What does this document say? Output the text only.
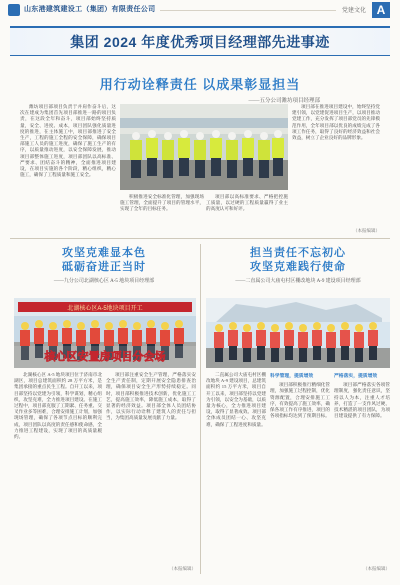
山东港建筑建设工（集团）有限责任公司	党建文化 A
集团 2024 年度优秀项目经理部先进事迹
用行动诠释责任 以成果彰显担当
——五分公司潍坊项目经理部

潍坊项目部项目负责于并肩作奋斗后，这次在建成为集团首先项目部推进一路的项目负责，在这段全年和奋斗，项目部始终坚持质量，安全、进度、成本，项目团队强化质量进度的推进，在主体施工中，项目部推进了安全生产，工程的施工全程的安全保障，确保项目部施工人员的施工进度，确保了施工生产的有序，以质量推动进度，以安全保障发展，推动项目部整体施工进度，项目部团队以高标准、严要求、团结奋斗的精神，全面推进项目建设，在项目实施的各个阶段，精心组织，精心施工，确保了工程质量和施工安全。

项目部在推进项目建设中，始终坚持党建引领，以党建促进项目生产，以项目推动党建工作，充分发挥了项目部党员的先锋模范作用，全年项目部以优良的成绩完成了各项工作任务，取得了良好的经济效益和社会效益，树立了企业良好的品牌形象。

积极推进安全标准化管理，加强现场施工管理，全面提升了项目的管理水平，实现了全年的目标任务。

项目部以高标准要求、严格把控施工质量，以过硬的工程质量赢得了业主的高度认可和好评。

（本报编辑）
攻坚克难显本色
砥砺奋进正当时
——九分公司北湖核心区 A-5 地块项目经理部
北湖核心区A-5地块项目开工
核心区安置房项目分会场

北湖核心区 A-5 地块项目位于济南市北湖区，项目总建筑面积约 28 万平方米，是集团承接的重点民生工程。自开工以来，项目部坚持以党建为引领，科学谋划，精心组织，攻坚克难，全力推进项目建设。在施工过程中，项目部克服了工期紧、任务重、交叉作业多等困难，合理安排施工计划，加强现场管理，确保了各项节点目标的顺利完成，项目团队以高度的责任感和使命感，全力推进工程建设，实现了项目的高质量履约。

项目部注重安全生产管理，严格落实安全生产责任制，定期开展安全隐患排查治理，确保项目安全生产形势持续稳定。同时，项目部积极推进技术创新，优化施工工艺，提高施工效率，降低施工成本，取得了显著的经济效益。项目部全体人员团结协作，以实际行动诠释了建筑人的责任与担当，为集团高质量发展贡献了力量。

（本报编辑）
担当责任不忘初心
攻坚克难践行使命
——二直属公司大庙屯村区棚改地块 A-9 建设项目经理部

二直属公司大庙屯村区棚改地块 A-9 建设项目，总建筑面积约 15 万平方米，项目自开工以来，项目部坚持以党建为引领，以安全为基础，以质量为核心，全力推进项目建设，取得了显著成效。项目部全体成员团结一心、攻坚克难，确保了工程进度和质量。

科学管理，提质增效

项目部积极推行精细化管理，加强施工过程控制，优化资源配置，合理安排施工工序，有效提高了施工效率，确保各项工作有序推进，项目的各项指标均达到了预期目标。

严格落实，提质增效

项目部严格落实各项管理制度，强化责任意识，坚持以人为本，注重人才培养，打造了一支作风过硬、技术精湛的项目团队，为项目建设提供了有力保障。

（本报编辑）
